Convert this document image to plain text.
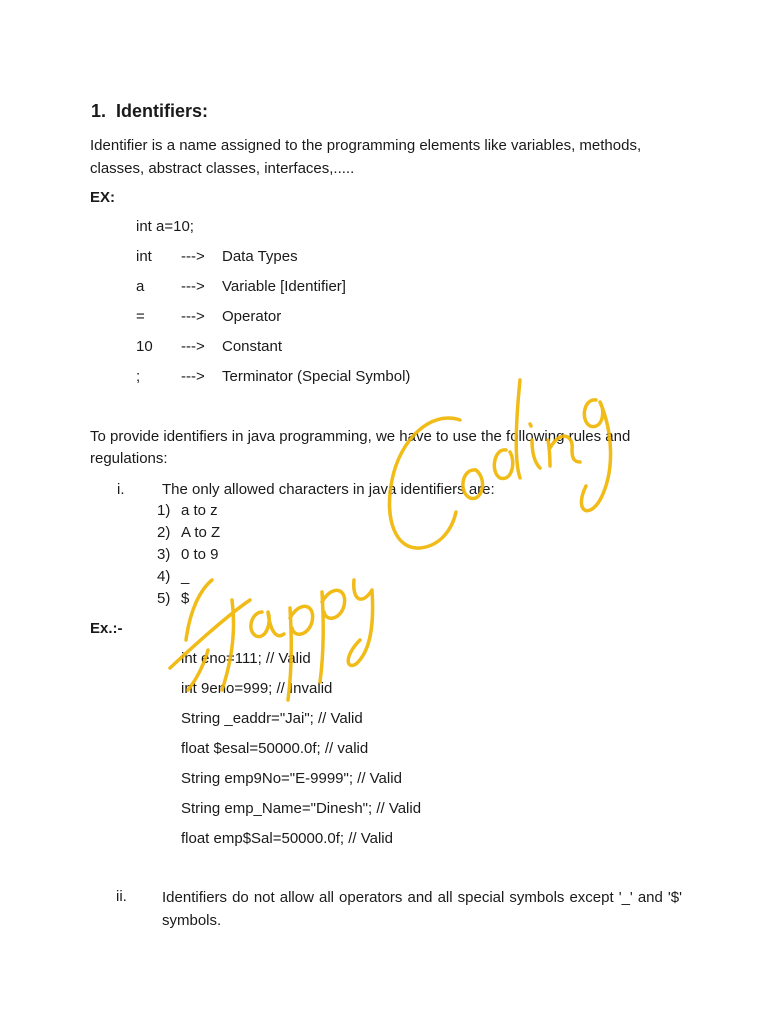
1. Identifiers:
Identifier is a name assigned to the programming elements like variables, methods, classes, abstract classes, interfaces,.....
EX:
int a=10;
int ---> Data Types
a ---> Variable [Identifier]
= ---> Operator
10 ---> Constant
;	---> Terminator (Special Symbol)
To provide identifiers in java programming, we have to use the following rules and regulations:
i.	The only allowed characters in java identifiers are:
1) a to z
2) A to Z
3) 0 to 9
4) _
5) $
Ex.:-
int eno=111; // Valid
int 9eno=999; // Invalid
String _eaddr="Jai"; // Valid
float $esal=50000.0f; // valid
String emp9No="E-9999"; // Valid
String emp_Name="Dinesh"; // Valid
float emp$Sal=50000.0f; // Valid
ii. Identifiers do not allow all operators and all special symbols except '_' and '$' symbols.
